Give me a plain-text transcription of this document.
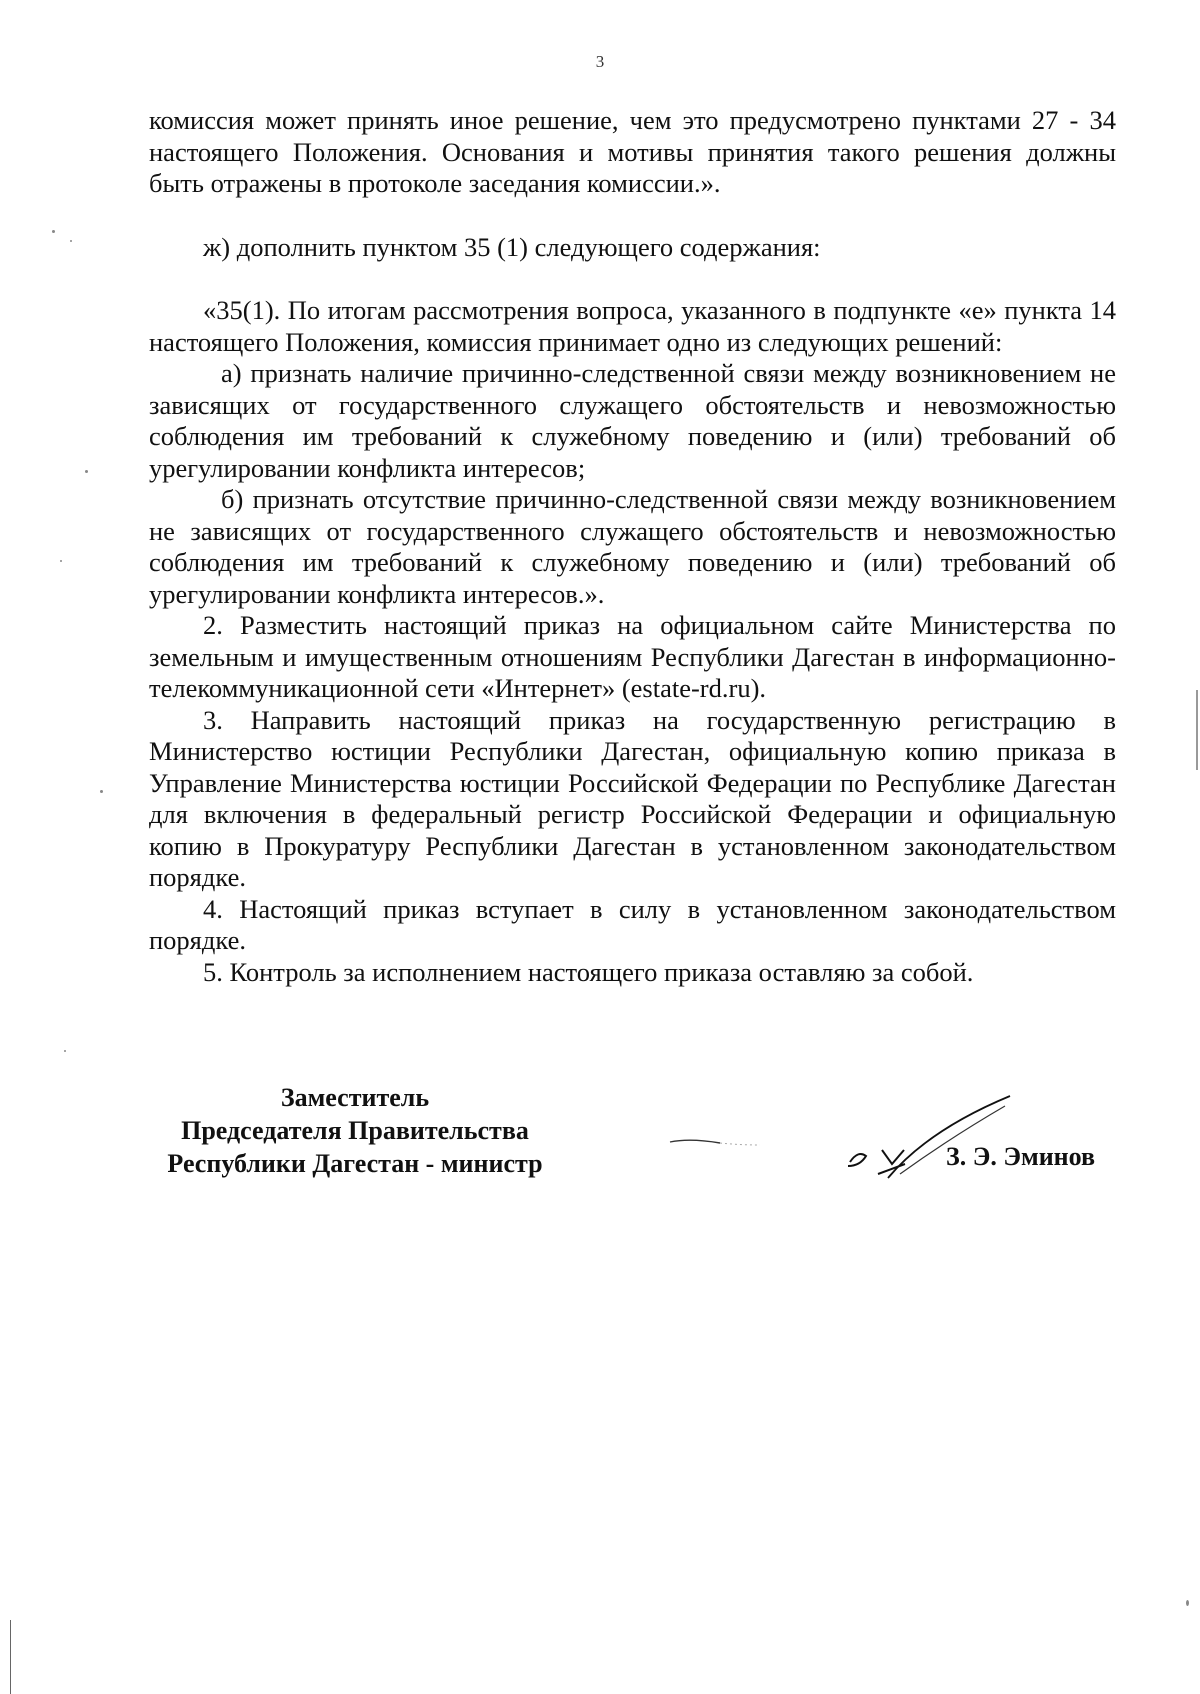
3

комиссия может принять иное решение, чем это предусмотрено пунктами 27 - 34 настоящего Положения. Основания и мотивы принятия такого решения должны быть отражены в протоколе заседания комиссии.».

ж) дополнить пунктом 35 (1) следующего содержания:

«35(1). По итогам рассмотрения вопроса, указанного в подпункте «е» пункта 14 настоящего Положения, комиссия принимает одно из следующих решений:

а) признать наличие причинно-следственной связи между возникновением не зависящих от государственного служащего обстоятельств и невозможностью соблюдения им требований к служебному поведению и (или) требований об урегулировании конфликта интересов;

б) признать отсутствие причинно-следственной связи между возникновением не зависящих от государственного служащего обстоятельств и невозможностью соблюдения им требований к служебному поведению и (или) требований об урегулировании конфликта интересов.».

2. Разместить настоящий приказ на официальном сайте Министерства по земельным и имущественным отношениям Республики Дагестан в информационно-телекоммуникационной сети «Интернет» (estate-rd.ru).

3. Направить настоящий приказ на государственную регистрацию в Министерство юстиции Республики Дагестан, официальную копию приказа в Управление Министерства юстиции Российской Федерации по Республике Дагестан для включения в федеральный регистр Российской Федерации и официальную копию в Прокуратуру Республики Дагестан в установленном законодательством порядке.

4. Настоящий приказ вступает в силу в установленном законодательством порядке.

5. Контроль за исполнением настоящего приказа оставляю за собой.

Заместитель
Председателя Правительства
Республики Дагестан - министр	З. Э. Эминов
